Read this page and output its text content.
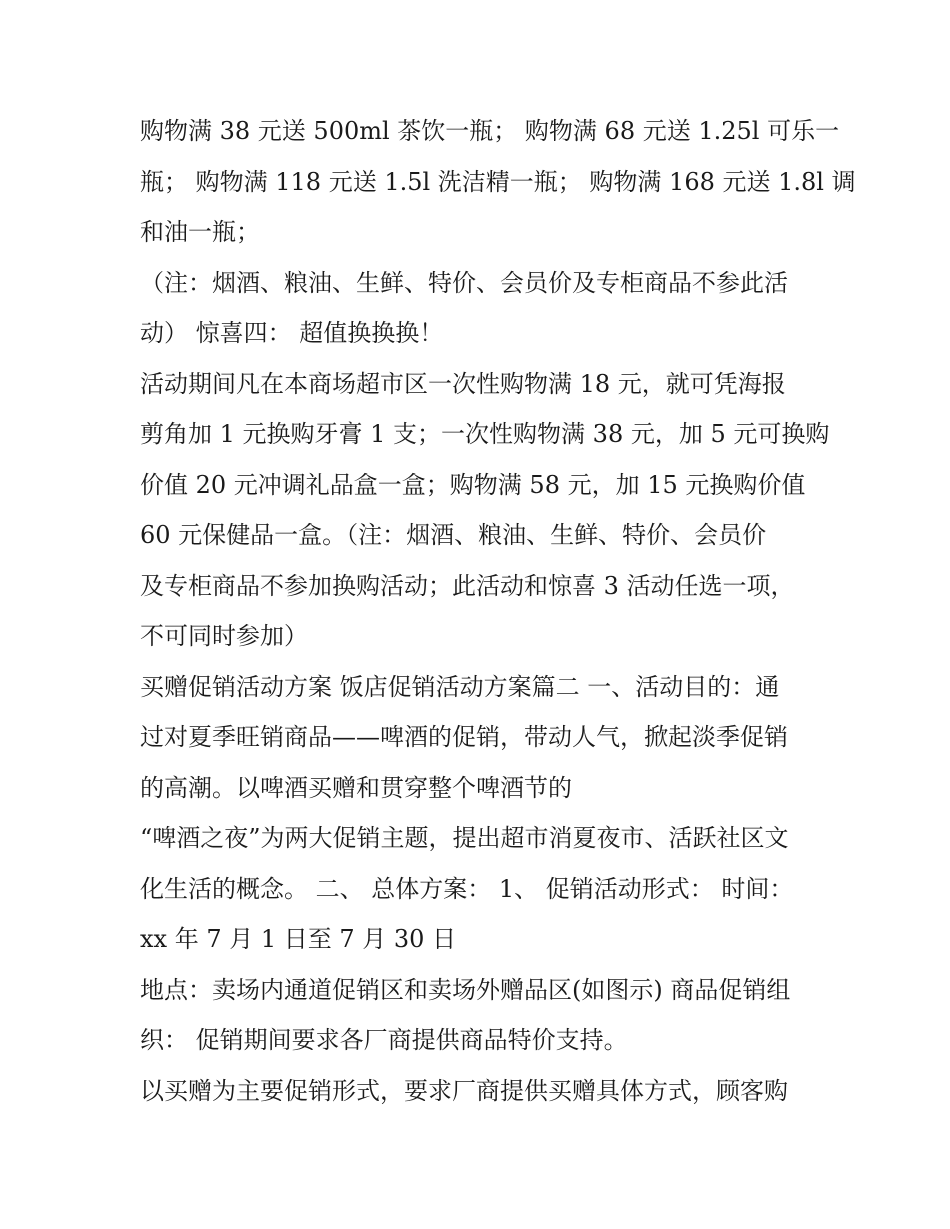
购物满 38 元送 500ml 茶饮一瓶； 购物满 68 元送 1.25l 可乐一
瓶； 购物满 118 元送 1.5l 洗洁精一瓶； 购物满 168 元送 1.8l 调
和油一瓶；
（注：烟酒、粮油、生鲜、特价、会员价及专柜商品不参此活
动） 惊喜四： 超值换换换！
活动期间凡在本商场超市区一次性购物满 18 元，就可凭海报
剪角加 1 元换购牙膏 1 支；一次性购物满 38 元，加 5 元可换购
价值 20 元冲调礼品盒一盒；购物满 58 元，加 15 元换购价值
60 元保健品一盒。（注：烟酒、粮油、生鲜、特价、会员价
及专柜商品不参加换购活动；此活动和惊喜 3 活动任选一项，
不可同时参加）
买赠促销活动方案 饭店促销活动方案篇二 一、活动目的：通
过对夏季旺销商品——啤酒的促销，带动人气，掀起淡季促销
的高潮。以啤酒买赠和贯穿整个啤酒节的
“啤酒之夜”为两大促销主题，提出超市消夏夜市、活跃社区文
化生活的概念。 二、 总体方案： 1、 促销活动形式： 时间：
xx 年 7 月 1 日至 7 月 30 日
地点：卖场内通道促销区和卖场外赠品区(如图示) 商品促销组
织： 促销期间要求各厂商提供商品特价支持。
以买赠为主要促销形式，要求厂商提供买赠具体方式，顾客购
